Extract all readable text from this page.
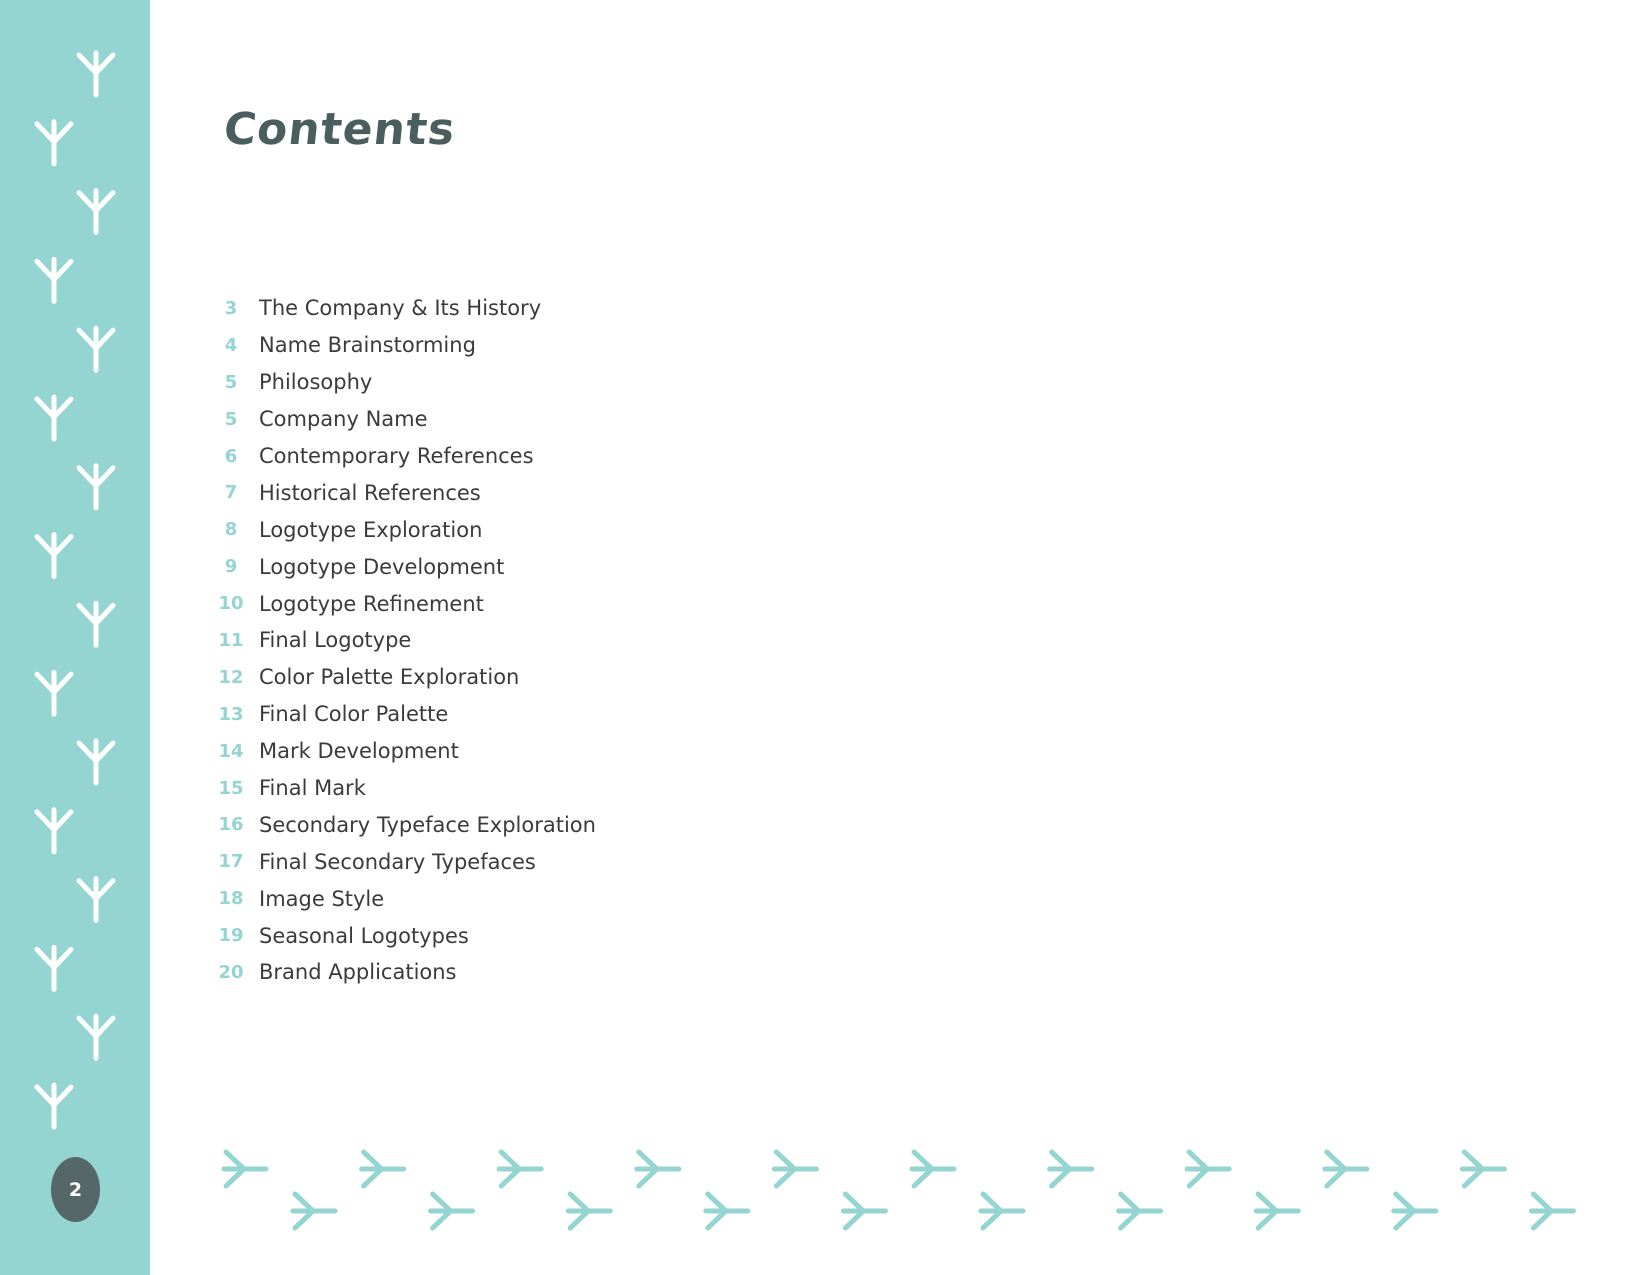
2
Contents
3	The Company & Its History
4	Name Brainstorming
5	Philosophy
5	Company Name
6	Contemporary References
7	Historical References
8	Logotype Exploration
9	Logotype Development
10 Logotype Refinement
11 Final Logotype
12 Color Palette Exploration
13 Final Color Palette
14 Mark Development
15 Final Mark
16 Secondary Typeface Exploration
17 Final Secondary Typefaces
18 Image Style
19 Seasonal Logotypes
20 Brand Applications
